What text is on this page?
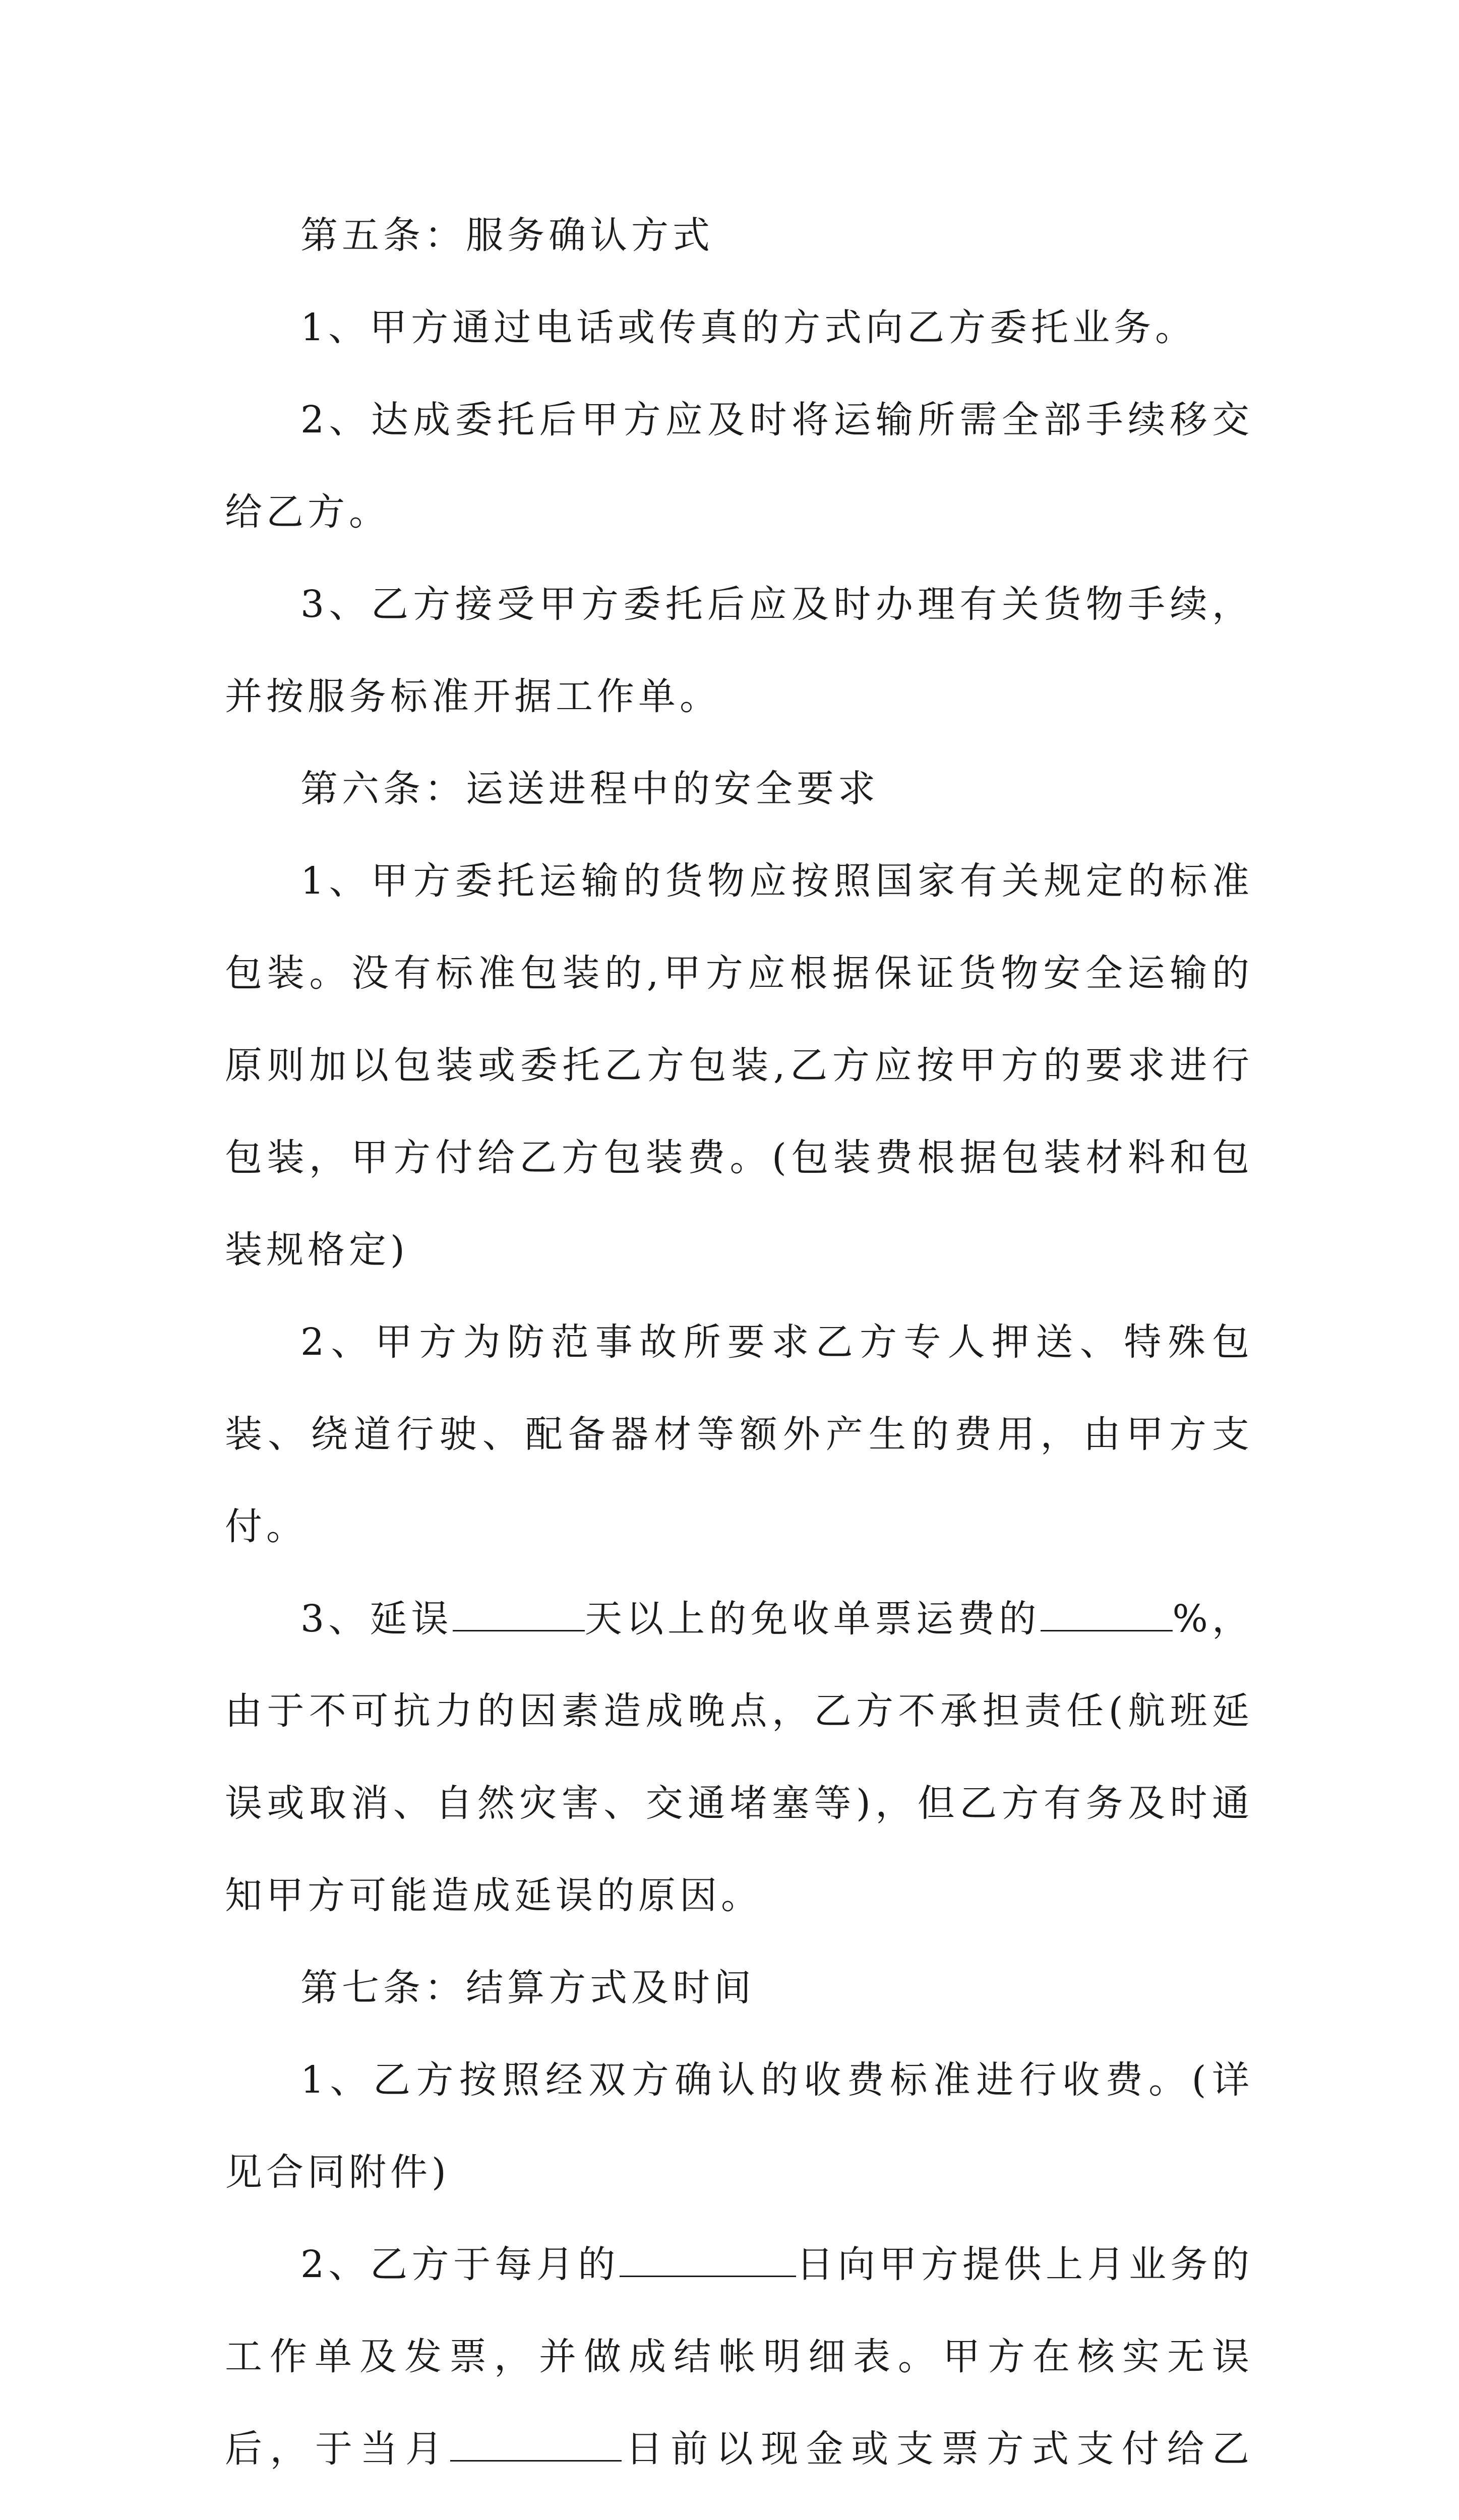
第五条：服务确认方式

1、甲方通过电话或传真的方式向乙方委托业务。

2、达成委托后甲方应及时将运输所需全部手续移交给乙方。

3、乙方接受甲方委托后应及时办理有关货物手续，并按服务标准开据工作单。

第六条：运送进程中的安全要求

1、甲方委托运输的货物应按照国家有关规定的标准包装。没有标准包装的,甲方应根据保证货物安全运输的原则加以包装或委托乙方包装,乙方应按甲方的要求进行包装，甲方付给乙方包装费。(包装费根据包装材料和包装规格定)

2、甲方为防范事故所要求乙方专人押送、特殊包装、绕道行驶、配备器材等额外产生的费用，由甲方支付。

3、延误	天以上的免收单票运费的	%，由于不可抗力的因素造成晚点，乙方不承担责任(航班延误或取消、自然灾害、交通堵塞等)，但乙方有务及时通知甲方可能造成延误的原因。

第七条：结算方式及时间

1、乙方按照经双方确认的收费标准进行收费。(详见合同附件)

2、乙方于每月的	日向甲方提供上月业务的工作单及发票，并做成结帐明细表。甲方在核实无误后，于当月	日前以现金或支票方式支付给乙
